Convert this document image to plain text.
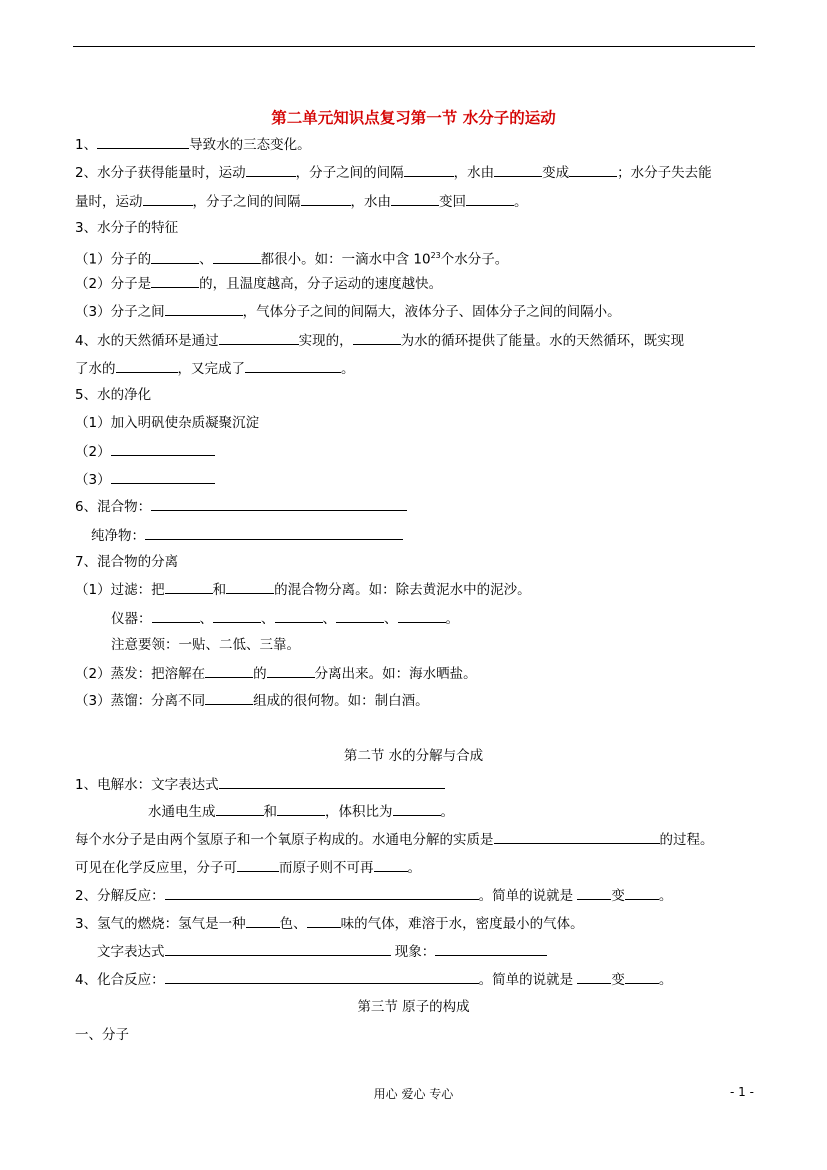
第二单元知识点复习第一节 水分子的运动
1、	导致水的三态变化。
2、水分子获得能量时，运动	，分子之间的间隔	，水由	变成	；水分子失去能
量时，运动	，分子之间的间隔	，水由	变回	。
3、水分子的特征
（1）分子的	、	都很小。如：一滴水中含 $10^{23}$个水分子。
（2）分子是	的，且温度越高，分子运动的速度越快。
（3）分子之间	，气体分子之间的间隔大，液体分子、固体分子之间的间隔小。
4、水的天然循环是通过	实现的，	为水的循环提供了能量。水的天然循环，既实现
了水的	，又完成了	。
5、水的净化
（1）加入明矾使杂质凝聚沉淀
（2）
（3）
6、混合物：
纯净物：
7、混合物的分离
（1）过滤：把	和	的混合物分离。如：除去黄泥水中的泥沙。
仪器：	、	、	、	、	。
注意要领：一贴、二低、三靠。
（2）蒸发：把溶解在	的	分离出来。如：海水晒盐。
（3）蒸馏：分离不同	组成的很何物。如：制白酒。
第二节 水的分解与合成
1、电解水：文字表达式
水通电生成	和	，体积比为	。
每个水分子是由两个氢原子和一个氧原子构成的。水通电分解的实质是	的过程。
可见在化学反应里，分子可	而原子则不可再	。
2、分解反应：	。简单的说就是	变	。
3、氢气的燃烧：氢气是一种	色、	味的气体，难溶于水，密度最小的气体。
文字表达式	现象：
4、化合反应：	。简单的说就是	变	。
第三节 原子的构成
一、分子
用心 爱心 专心	- 1 -
